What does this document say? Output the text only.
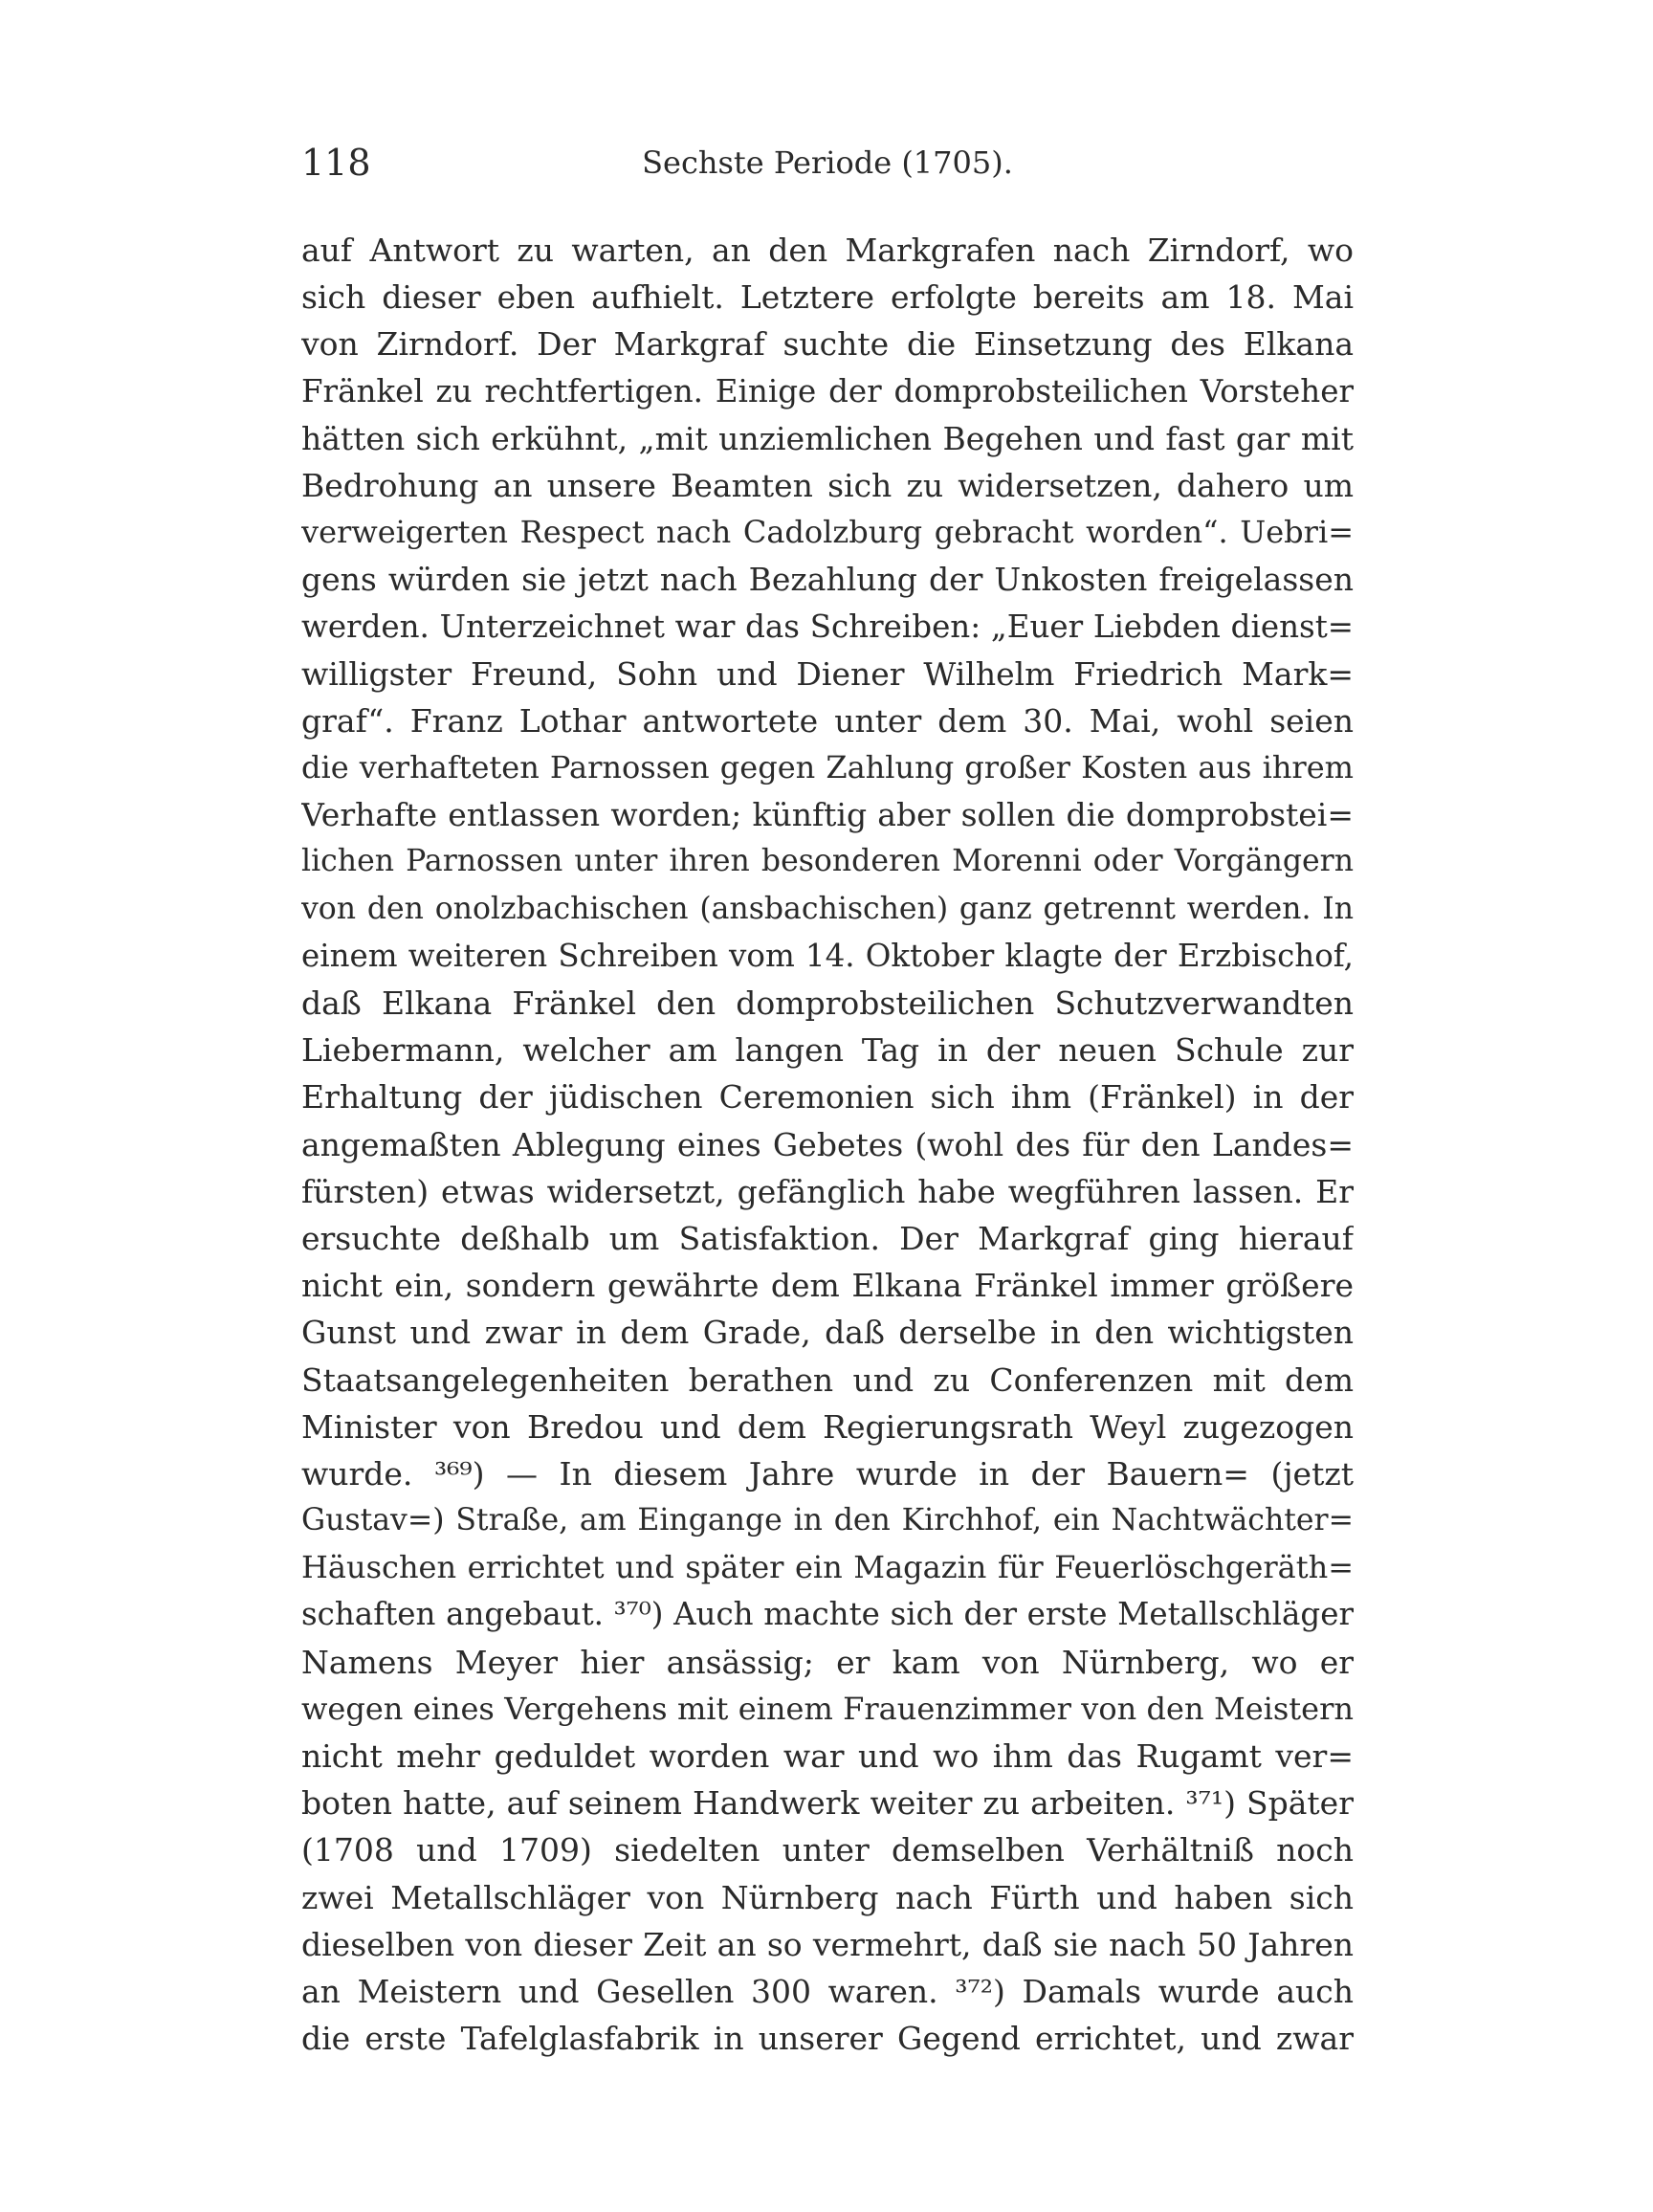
118	Sechste Periode (1705).
auf Antwort zu warten, an den Markgrafen nach Zirndorf, wo
sich dieser eben aufhielt. Letztere erfolgte bereits am 18. Mai
von Zirndorf. Der Markgraf suchte die Einsetzung des Elkana
Fränkel zu rechtfertigen. Einige der domprobsteilichen Vorsteher
hätten sich erkühnt, „mit unziemlichen Begehen und fast gar mit
Bedrohung an unsere Beamten sich zu widersetzen, dahero um
verweigerten Respect nach Cadolzburg gebracht worden“. Uebri=
gens würden sie jetzt nach Bezahlung der Unkosten freigelassen
werden. Unterzeichnet war das Schreiben: „Euer Liebden dienst=
willigster Freund, Sohn und Diener Wilhelm Friedrich Mark=
graf“. Franz Lothar antwortete unter dem 30. Mai, wohl seien
die verhafteten Parnossen gegen Zahlung großer Kosten aus ihrem
Verhafte entlassen worden; künftig aber sollen die domprobstei=
lichen Parnossen unter ihren besonderen Morenni oder Vorgängern
von den onolzbachischen (ansbachischen) ganz getrennt werden. In
einem weiteren Schreiben vom 14. Oktober klagte der Erzbischof,
daß Elkana Fränkel den domprobsteilichen Schutzverwandten
Liebermann, welcher am langen Tag in der neuen Schule zur
Erhaltung der jüdischen Ceremonien sich ihm (Fränkel) in der
angemaßten Ablegung eines Gebetes (wohl des für den Landes=
fürsten) etwas widersetzt, gefänglich habe wegführen lassen. Er
ersuchte deßhalb um Satisfaktion. Der Markgraf ging hierauf
nicht ein, sondern gewährte dem Elkana Fränkel immer größere
Gunst und zwar in dem Grade, daß derselbe in den wichtigsten
Staatsangelegenheiten berathen und zu Conferenzen mit dem
Minister von Bredou und dem Regierungsrath Weyl zugezogen
wurde. ³⁶⁹) — In diesem Jahre wurde in der Bauern= (jetzt
Gustav=) Straße, am Eingange in den Kirchhof, ein Nachtwächter=
Häuschen errichtet und später ein Magazin für Feuerlöschgeräth=
schaften angebaut. ³⁷⁰) Auch machte sich der erste Metallschläger
Namens Meyer hier ansässig; er kam von Nürnberg, wo er
wegen eines Vergehens mit einem Frauenzimmer von den Meistern
nicht mehr geduldet worden war und wo ihm das Rugamt ver=
boten hatte, auf seinem Handwerk weiter zu arbeiten. ³⁷¹) Später
(1708 und 1709) siedelten unter demselben Verhältniß noch
zwei Metallschläger von Nürnberg nach Fürth und haben sich
dieselben von dieser Zeit an so vermehrt, daß sie nach 50 Jahren
an Meistern und Gesellen 300 waren. ³⁷²) Damals wurde auch
die erste Tafelglasfabrik in unserer Gegend errichtet, und zwar
